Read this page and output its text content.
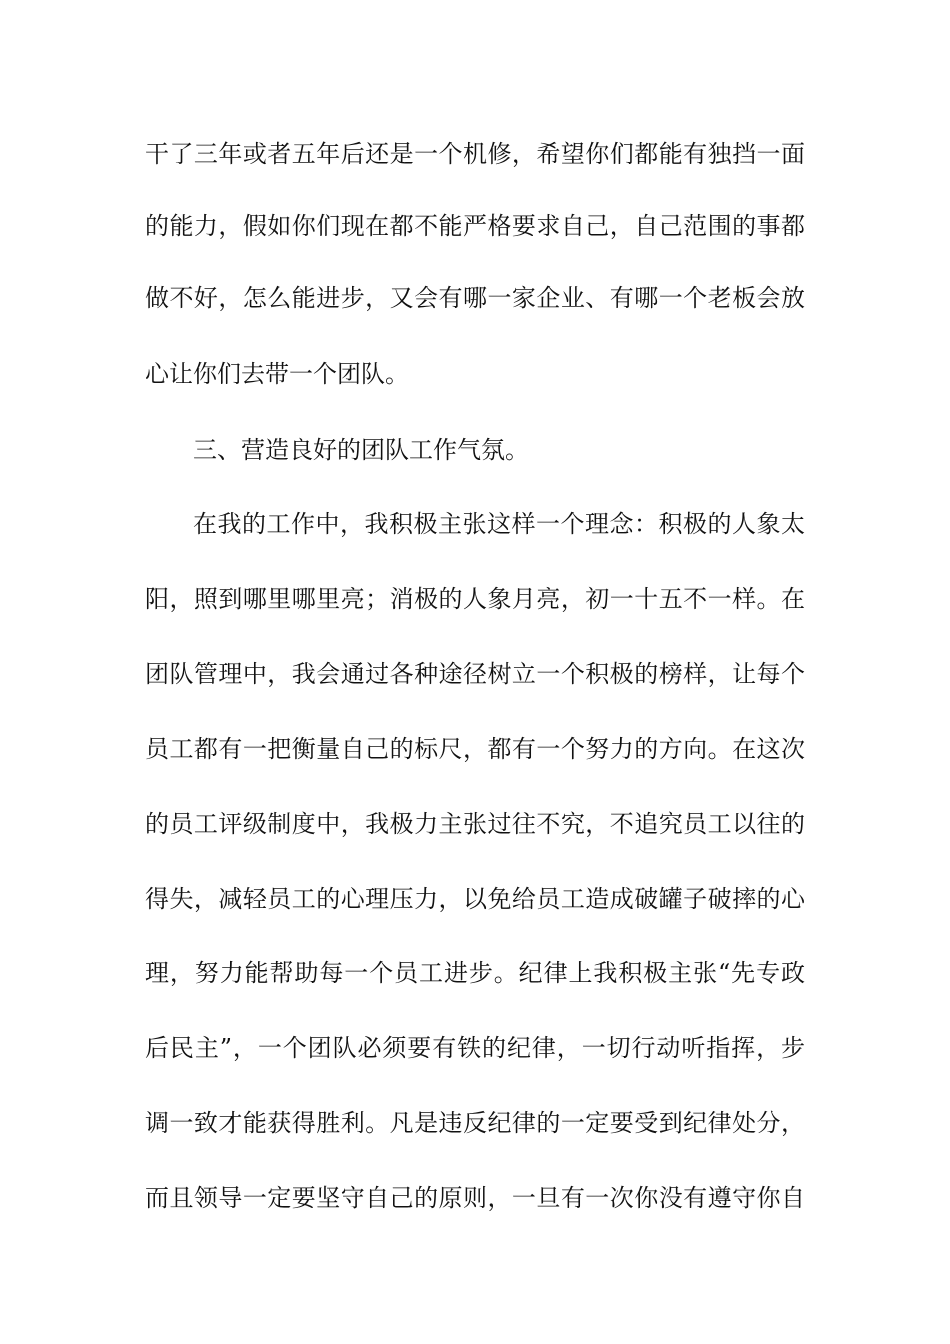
干了三年或者五年后还是一个机修，希望你们都能有独挡一面
的能力，假如你们现在都不能严格要求自己，自己范围的事都
做不好，怎么能进步，又会有哪一家企业、有哪一个老板会放
心让你们去带一个团队。
三、营造良好的团队工作气氛。
在我的工作中，我积极主张这样一个理念：积极的人象太
阳，照到哪里哪里亮；消极的人象月亮，初一十五不一样。在
团队管理中，我会通过各种途径树立一个积极的榜样，让每个
员工都有一把衡量自己的标尺，都有一个努力的方向。在这次
的员工评级制度中，我极力主张过往不究，不追究员工以往的
得失，减轻员工的心理压力，以免给员工造成破罐子破摔的心
理，努力能帮助每一个员工进步。纪律上我积极主张“先专政
后民主”，一个团队必须要有铁的纪律，一切行动听指挥，步
调一致才能获得胜利。凡是违反纪律的一定要受到纪律处分，
而且领导一定要坚守自己的原则，一旦有一次你没有遵守你自
